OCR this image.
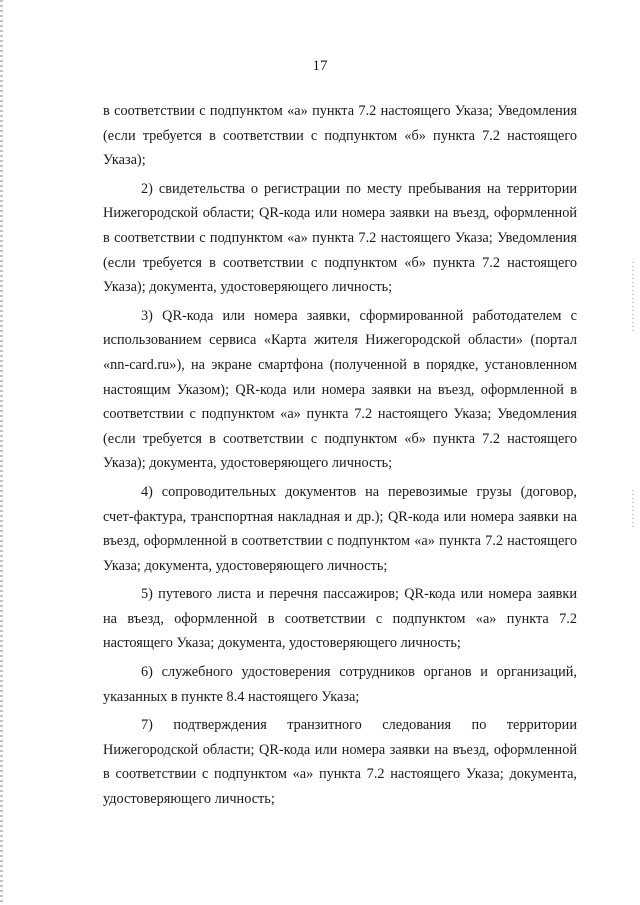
17

в соответствии с подпунктом «а» пункта 7.2 настоящего Указа; Уведомления (если требуется в соответствии с подпунктом «б» пункта 7.2 настоящего Указа);

2) свидетельства о регистрации по месту пребывания на территории Нижегородской области; QR-кода или номера заявки на въезд, оформленной в соответствии с подпунктом «а» пункта 7.2 настоящего Указа; Уведомления (если требуется в соответствии с подпунктом «б» пункта 7.2 настоящего Указа); документа, удостоверяющего личность;

3) QR-кода или номера заявки, сформированной работодателем с использованием сервиса «Карта жителя Нижегородской области» (портал «nn-card.ru»), на экране смартфона (полученной в порядке, установленном настоящим Указом); QR-кода или номера заявки на въезд, оформленной в соответствии с подпунктом «а» пункта 7.2 настоящего Указа; Уведомления (если требуется в соответствии с подпунктом «б» пункта 7.2 настоящего Указа); документа, удостоверяющего личность;

4) сопроводительных документов на перевозимые грузы (договор, счет-фактура, транспортная накладная и др.); QR-кода или номера заявки на въезд, оформленной в соответствии с подпунктом «а» пункта 7.2 настоящего Указа; документа, удостоверяющего личность;

5) путевого листа и перечня пассажиров; QR-кода или номера заявки на въезд, оформленной в соответствии с подпунктом «а» пункта 7.2 настоящего Указа; документа, удостоверяющего личность;

6) служебного удостоверения сотрудников органов и организаций, указанных в пункте 8.4 настоящего Указа;

7) подтверждения транзитного следования по территории Нижегородской области; QR-кода или номера заявки на въезд, оформленной в соответствии с подпунктом «а» пункта 7.2 настоящего Указа; документа, удостоверяющего личность;
